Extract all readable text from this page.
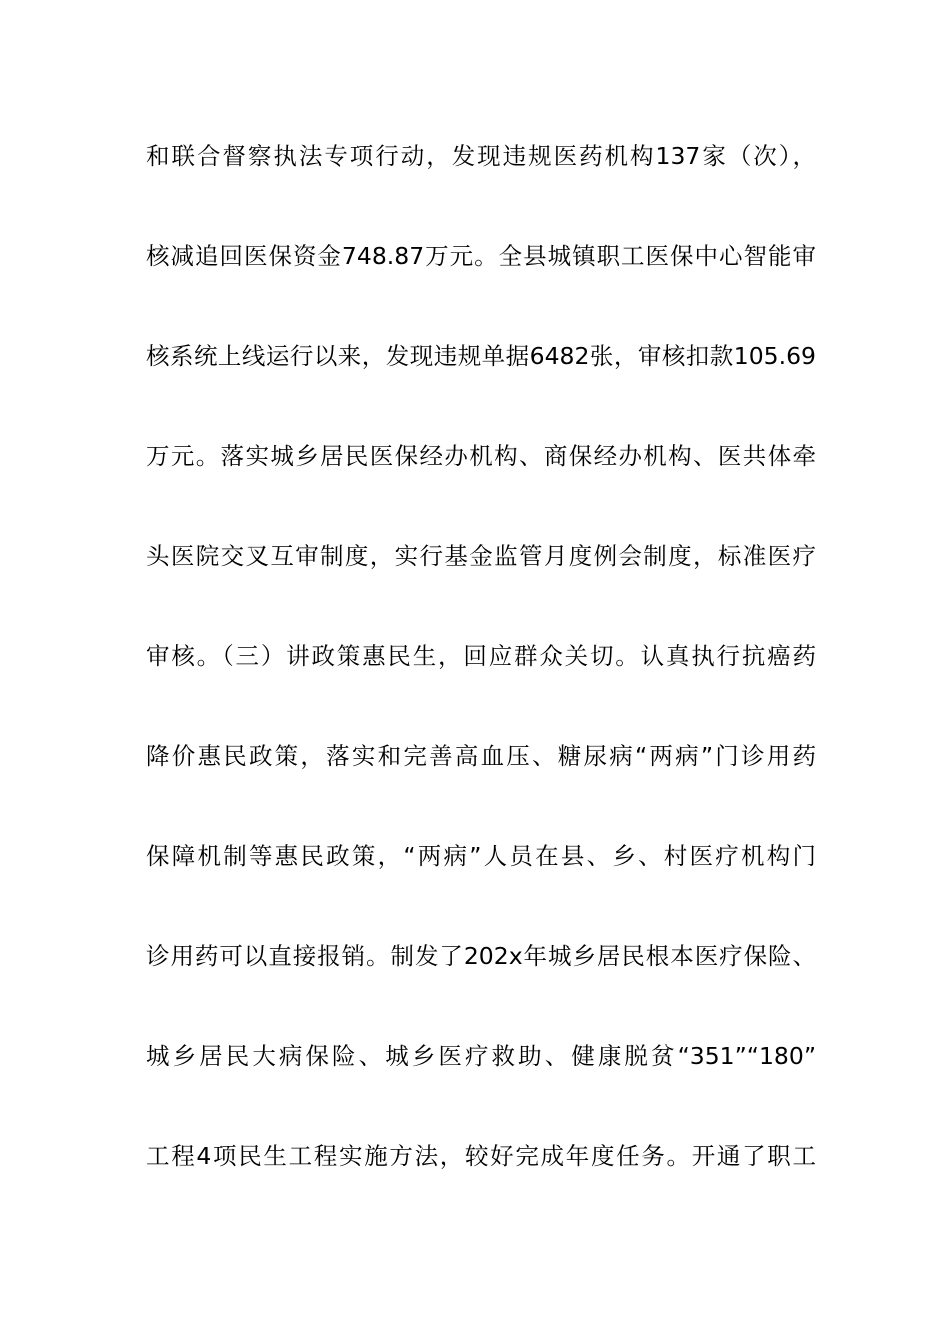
和联合督察执法专项行动，发现违规医药机构137家（次），
核减追回医保资金748.87万元。全县城镇职工医保中心智能审
核系统上线运行以来，发现违规单据6482张，审核扣款105.69
万元。落实城乡居民医保经办机构、商保经办机构、医共体牵
头医院交叉互审制度，实行基金监管月度例会制度，标准医疗
审核。（三）讲政策惠民生，回应群众关切。认真执行抗癌药
降价惠民政策，落实和完善高血压、糖尿病“两病”门诊用药
保障机制等惠民政策，“两病”人员在县、乡、村医疗机构门
诊用药可以直接报销。制发了202x年城乡居民根本医疗保险、
城乡居民大病保险、城乡医疗救助、健康脱贫“351”“180”
工程4项民生工程实施方法，较好完成年度任务。开通了职工
